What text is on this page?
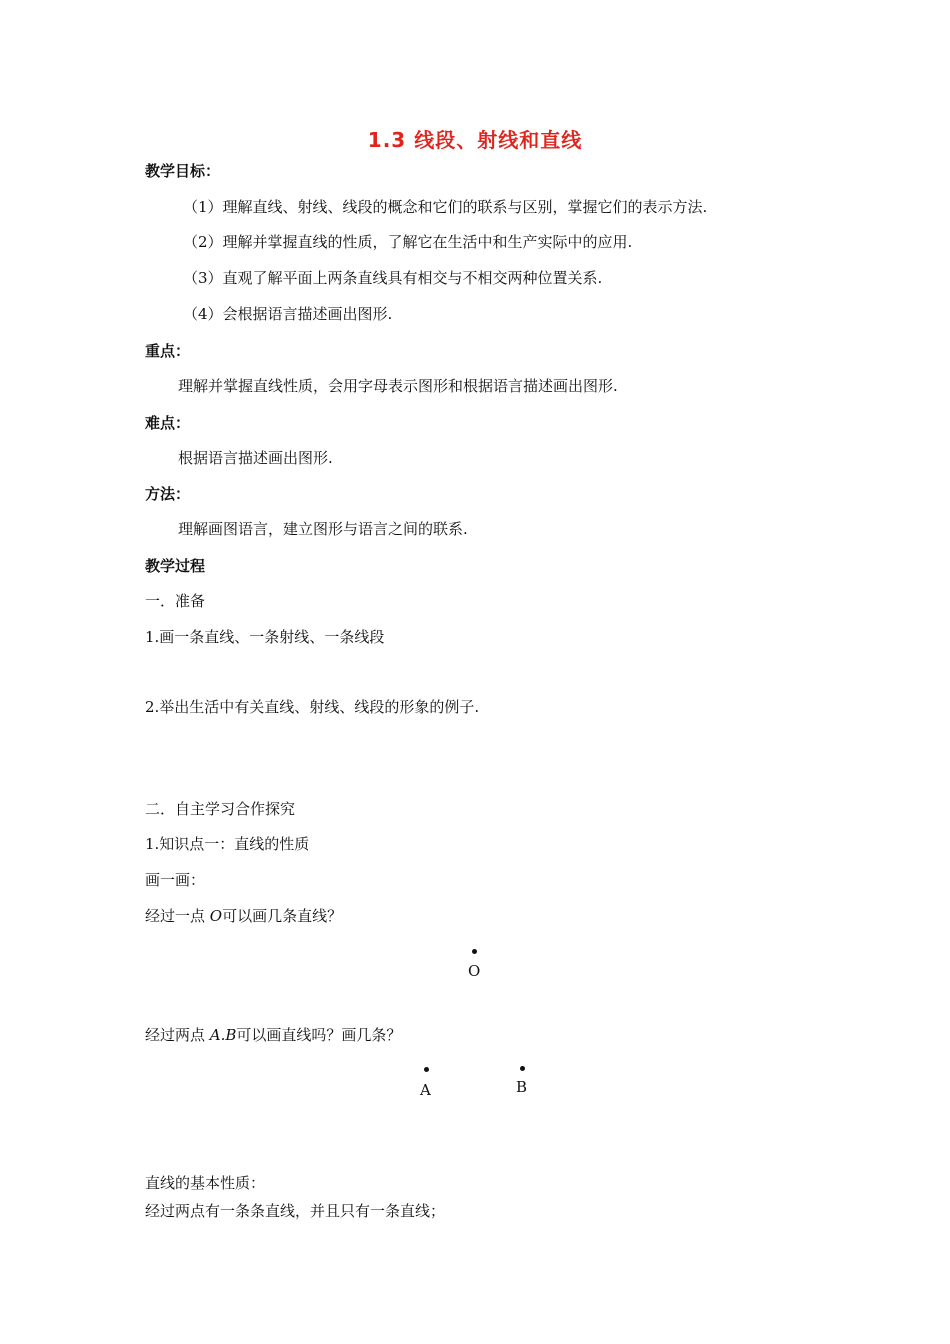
1.3 线段、射线和直线
教学目标：
（1）理解直线、射线、线段的概念和它们的联系与区别，掌握它们的表示方法.
（2）理解并掌握直线的性质，了解它在生活中和生产实际中的应用.
（3）直观了解平面上两条直线具有相交与不相交两种位置关系.
（4）会根据语言描述画出图形.
重点：
理解并掌握直线性质，会用字母表示图形和根据语言描述画出图形.
难点：
根据语言描述画出图形.
方法：
理解画图语言，建立图形与语言之间的联系.
教学过程
一．准备
1.画一条直线、一条射线、一条线段
2.举出生活中有关直线、射线、线段的形象的例子.
二．自主学习合作探究
1.知识点一：直线的性质
画一画：
经过一点 O可以画几条直线？
O
经过两点 A.B可以画直线吗？画几条？
A	B
直线的基本性质：
经过两点有一条条直线，并且只有一条直线；
